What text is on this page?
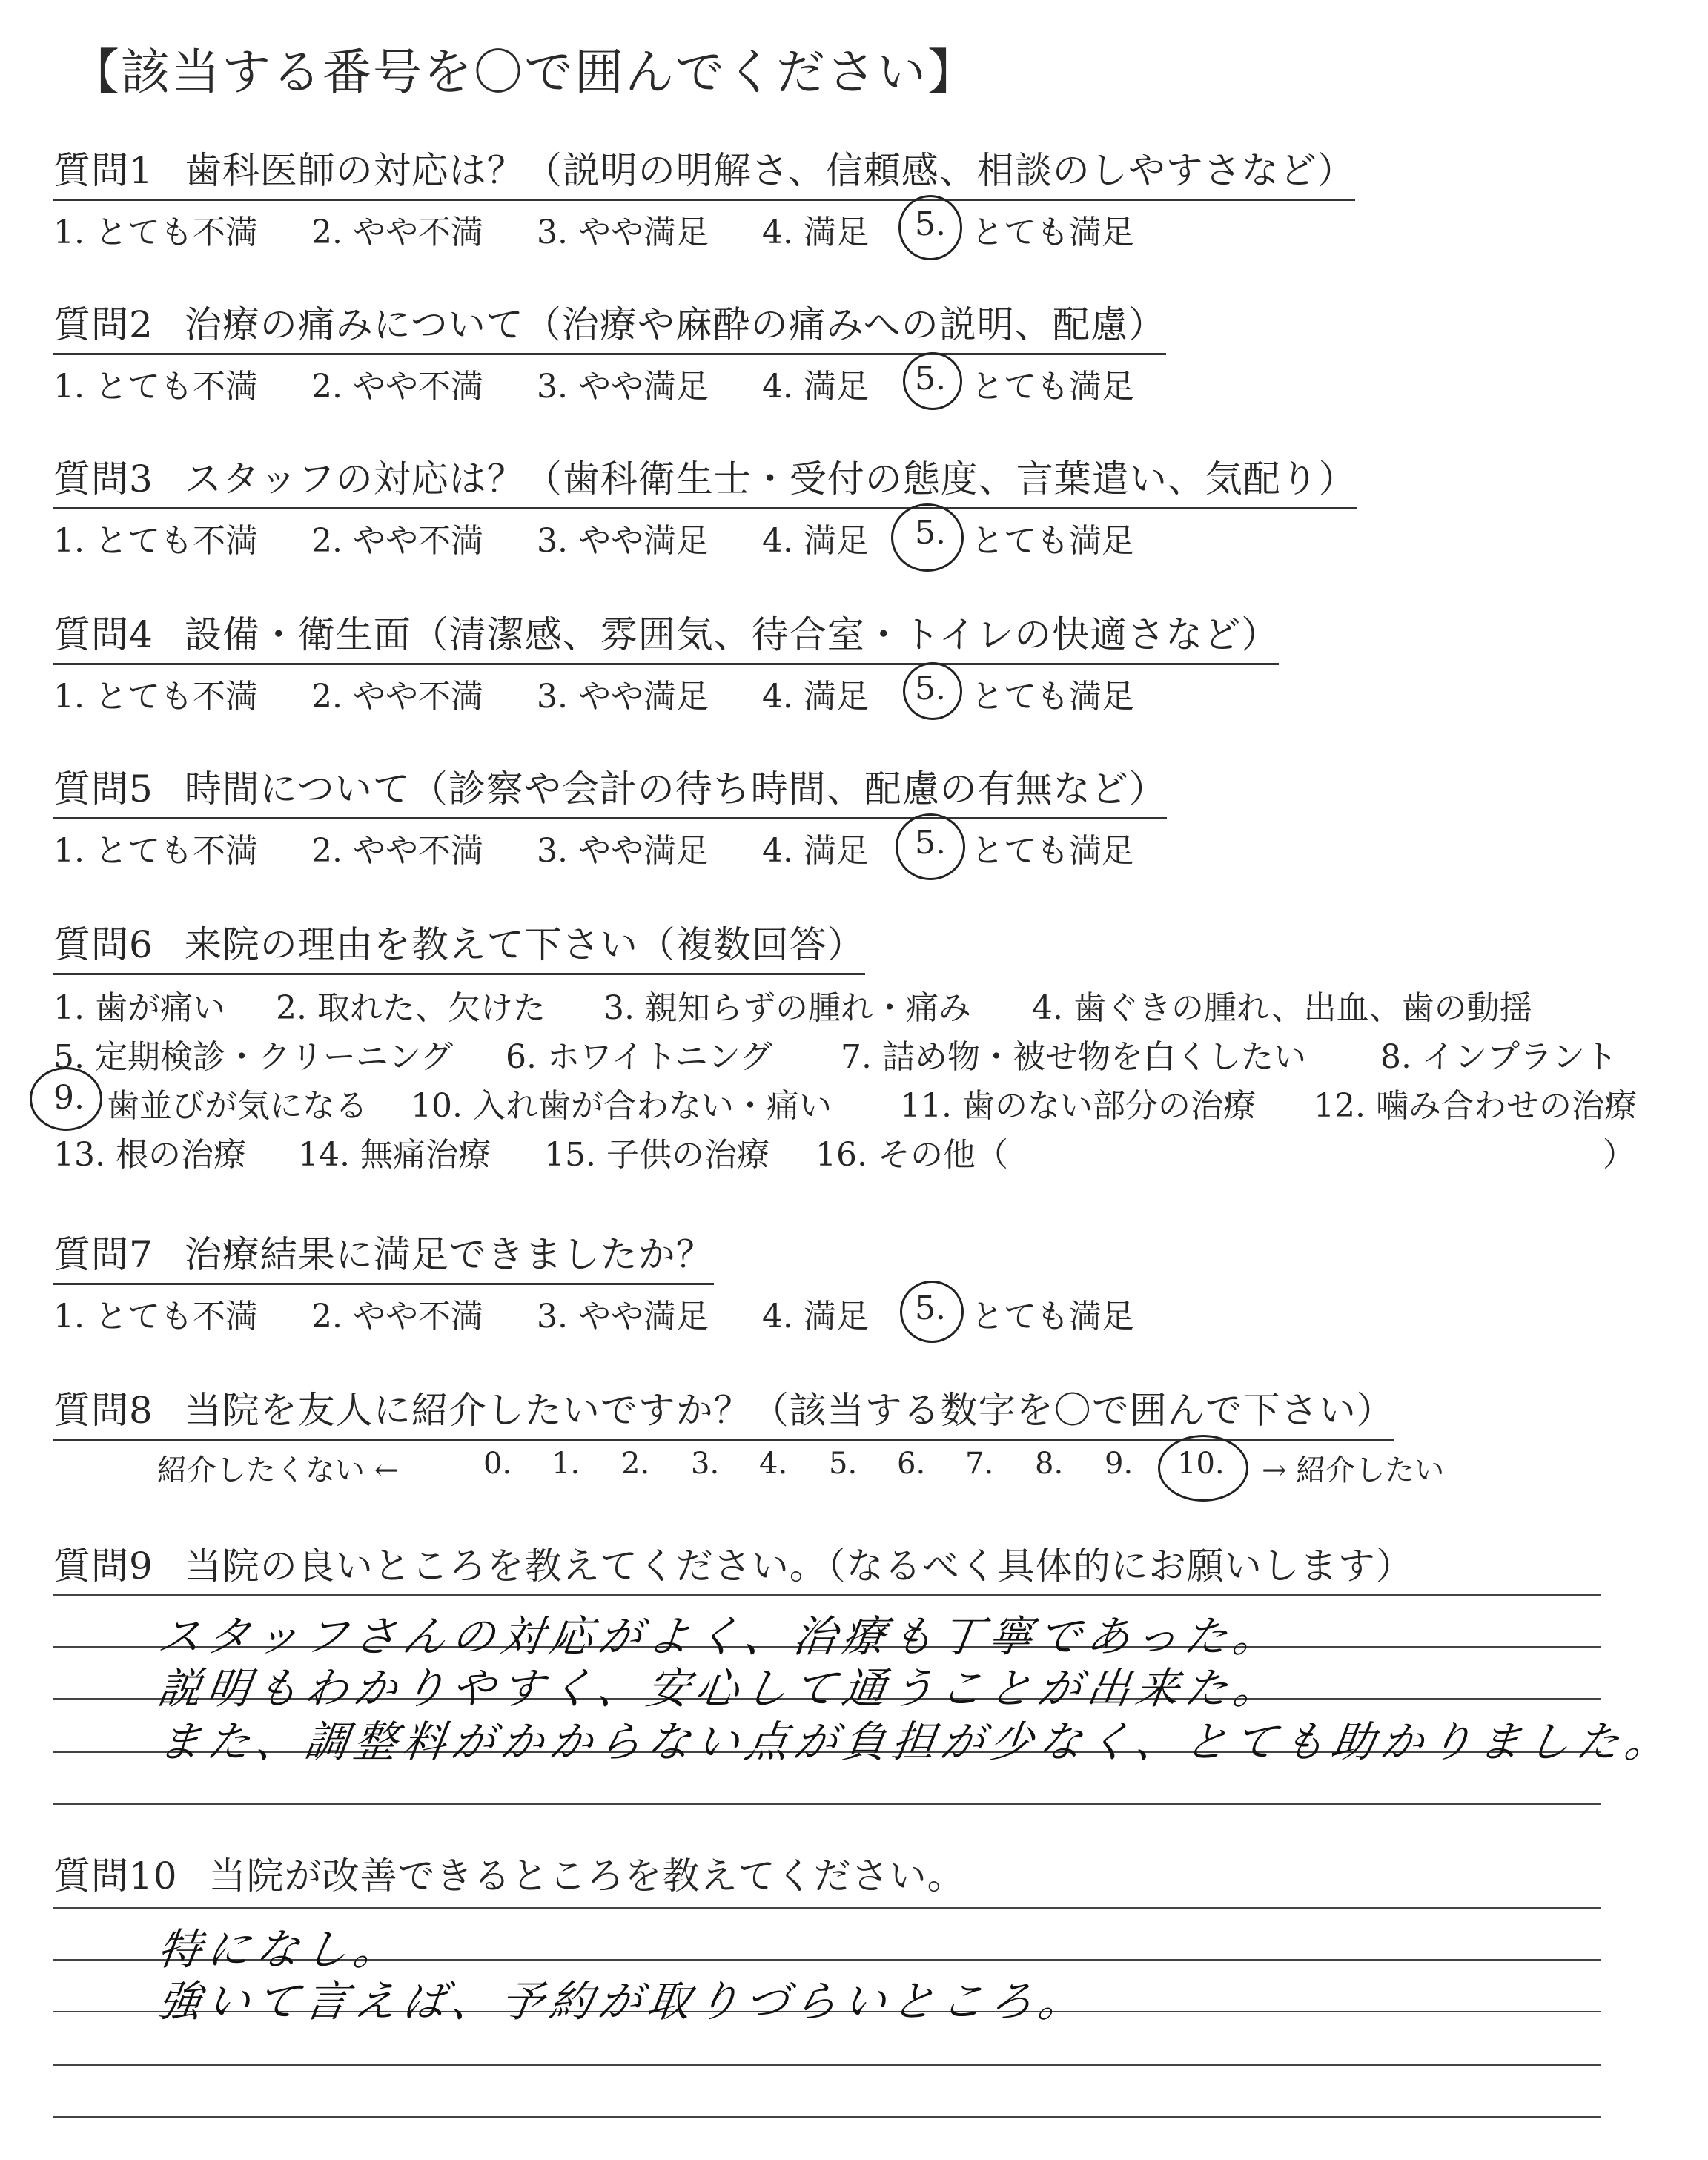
【該当する番号を〇で囲んでください】
質問1 歯科医師の対応は？（説明の明解さ、信頼感、相談のしやすさなど）
1. とても不満 2. やや不満 3. やや満足 4. 満足 5. とても満足
質問2 治療の痛みについて（治療や麻酔の痛みへの説明、配慮）
1. とても不満 2. やや不満 3. やや満足 4. 満足 5. とても満足
質問3 スタッフの対応は？（歯科衛生士・受付の態度、言葉遣い、気配り）
1. とても不満 2. やや不満 3. やや満足 4. 満足 5. とても満足
質問4 設備・衛生面（清潔感、雰囲気、待合室・トイレの快適さなど）
1. とても不満 2. やや不満 3. やや満足 4. 満足 5. とても満足
質問5 時間について（診察や会計の待ち時間、配慮の有無など）
1. とても不満 2. やや不満 3. やや満足 4. 満足 5. とても満足
質問6 来院の理由を教えて下さい（複数回答）
1. 歯が痛い 2. 取れた、欠けた 3. 親知らずの腫れ・痛み 4. 歯ぐきの腫れ、出血、歯の動揺
5. 定期検診・クリーニング 6. ホワイトニング 7. 詰め物・被せ物を白くしたい 8. インプラント
9. 歯並びが気になる 10. 入れ歯が合わない・痛い 11. 歯のない部分の治療 12. 噛み合わせの治療
13. 根の治療 14. 無痛治療 15. 子供の治療 16. その他（	）
質問7 治療結果に満足できましたか？
1. とても不満 2. やや不満 3. やや満足 4. 満足 5. とても満足
質問8 当院を友人に紹介したいですか？（該当する数字を〇で囲んで下さい）
紹介したくない ←	0. 1. 2. 3. 4. 5. 6. 7. 8. 9. 10. → 紹介したい
質問9 当院の良いところを教えてください。（なるべく具体的にお願いします）
スタッフさんの対応がよく、治療も丁寧であった。
説明もわかりやすく、安心して通うことが出来た。
また、調整料がかからない点が負担が少なく、とても助かりました。
質問10 当院が改善できるところを教えてください。
特になし。
強いて言えば、予約が取りづらいところ。
